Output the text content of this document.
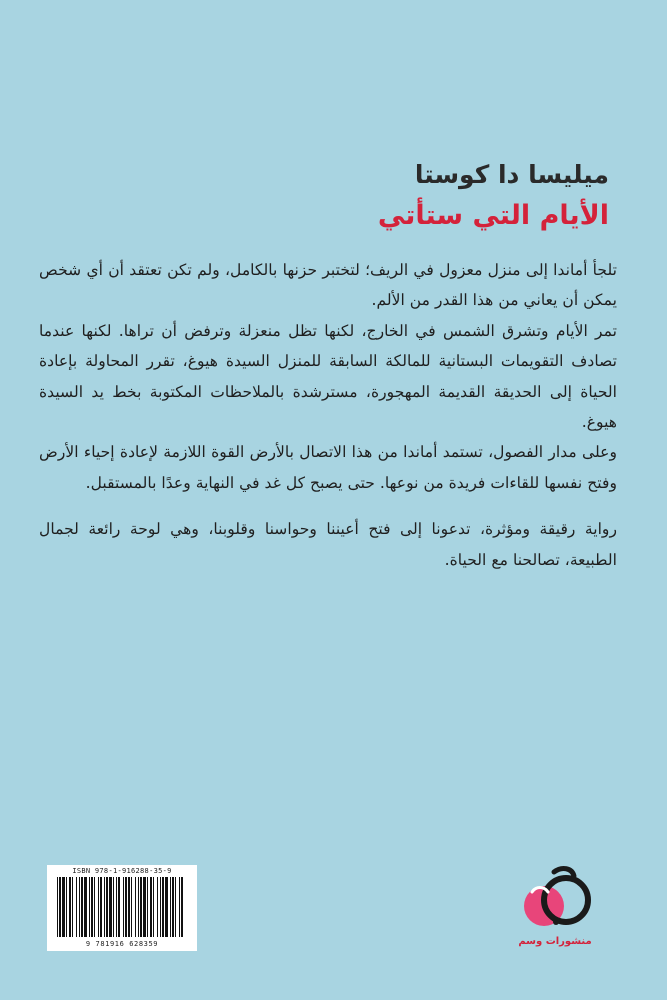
ميليسا دا كوستا
الأيام التي ستأتي

تلجأ أماندا إلى منزل معزول في الريف؛ لتختبر حزنها بالكامل، ولم تكن تعتقد أن أي شخص يمكن أن يعاني من هذا القدر من الألم.

تمر الأيام وتشرق الشمس في الخارج، لكنها تظل منعزلة وترفض أن تراها. لكنها عندما تصادف التقويمات البستانية للمالكة السابقة للمنزل السيدة هيوغ، تقرر المحاولة بإعادة الحياة إلى الحديقة القديمة المهجورة، مسترشدة بالملاحظات المكتوبة بخط يد السيدة هيوغ.

وعلى مدار الفصول، تستمد أماندا من هذا الاتصال بالأرض القوة اللازمة لإعادة إحياء الأرض وفتح نفسها للقاءات فريدة من نوعها. حتى يصبح كل غد في النهاية وعدًا بالمستقبل.

رواية رقيقة ومؤثرة، تدعونا إلى فتح أعيننا وحواسنا وقلوبنا، وهي لوحة رائعة لجمال الطبيعة، تصالحنا مع الحياة.

ISBN 978-1-916288-35-9
9 781916 628359	منشورات وسم
